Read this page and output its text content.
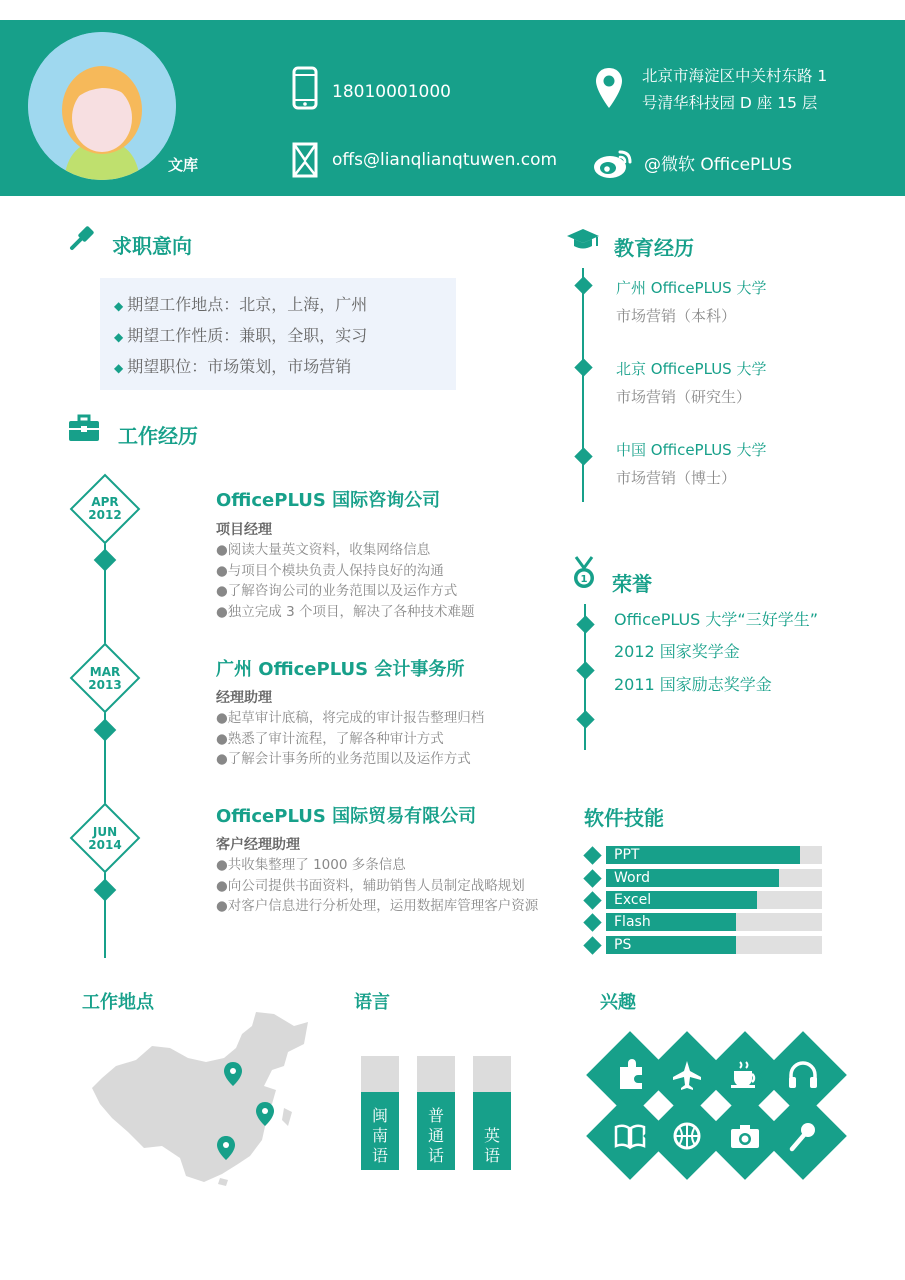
文库
18010001000
offs@lianqlianqtuwen.com
北京市海淀区中关村东路 1
号清华科技园 D 座 15 层
@微软 OfficePLUS
求职意向
◆ 期望工作地点：北京，上海，广州
◆ 期望工作性质：兼职，全职，实习
◆ 期望职位：市场策划，市场营销
工作经历
APR
2012
OfficePLUS 国际咨询公司
项目经理
●阅读大量英文资料，收集网络信息
●与项目个模块负责人保持良好的沟通
●了解咨询公司的业务范围以及运作方式
●独立完成 3 个项目，解决了各种技术难题
MAR
2013
广州 OfficePLUS 会计事务所
经理助理
●起草审计底稿，将完成的审计报告整理归档
●熟悉了审计流程，了解各种审计方式
●了解会计事务所的业务范围以及运作方式
JUN
2014
OfficePLUS 国际贸易有限公司
客户经理助理
●共收集整理了 1000 多条信息
●向公司提供书面资料，辅助销售人员制定战略规划
●对客户信息进行分析处理，运用数据库管理客户资源
教育经历
广州 OfficePLUS 大学
市场营销（本科）
北京 OfficePLUS 大学
市场营销（研究生）
中国 OfficePLUS 大学
市场营销（博士）
1 荣誉
OfficePLUS 大学“三好学生”
2012 国家奖学金
2011 国家励志奖学金
软件技能
PPT
Word
Excel
Flash
PS
工作地点	语言	兴趣
闽
南
语
普
通
话
英
语
